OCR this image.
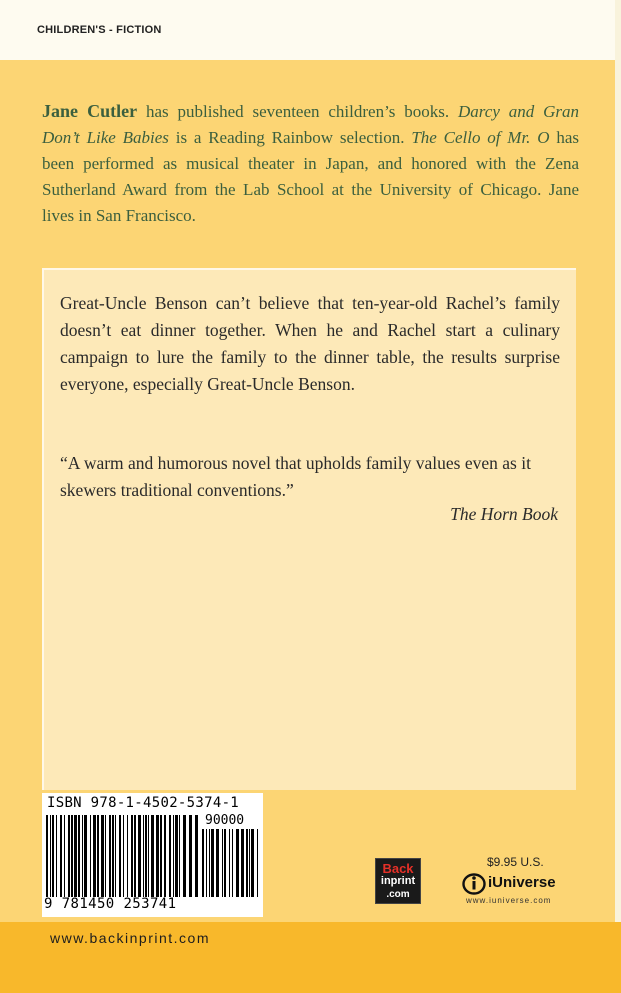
CHILDREN'S - FICTION
Jane Cutler has published seventeen children’s books. Darcy and Gran Don’t Like Babies is a Reading Rainbow selection. The Cello of Mr. O has been performed as musical theater in Japan, and honored with the Zena Sutherland Award from the Lab School at the University of Chicago. Jane lives in San Francisco.
Great-Uncle Benson can’t believe that ten-year-old Rachel’s family doesn’t eat dinner together. When he and Rachel start a culinary campaign to lure the family to the dinner table, the results surprise everyone, especially Great-Uncle Benson.
“A warm and humorous novel that upholds family values even as it skewers traditional conventions.”
The Horn Book
ISBN 978-1-4502-5374-1
90000
9 781450 253741
Back
inprint
.com
$9.95 U.S.
iUniverse
www.iuniverse.com
www.backinprint.com
